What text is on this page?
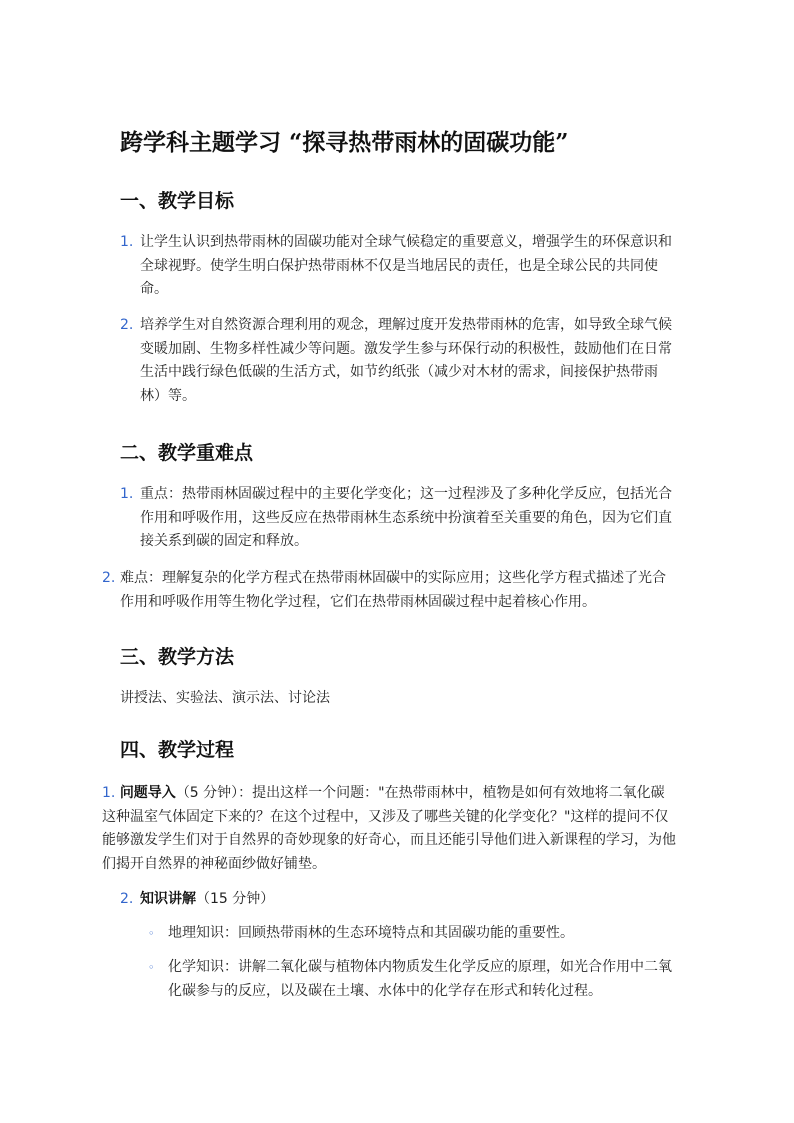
跨学科主题学习 “探寻热带雨林的固碳功能”
一、教学目标
1. 让学生认识到热带雨林的固碳功能对全球气候稳定的重要意义，增强学生的环保意识和全球视野。使学生明白保护热带雨林不仅是当地居民的责任，也是全球公民的共同使命。
2. 培养学生对自然资源合理利用的观念，理解过度开发热带雨林的危害，如导致全球气候变暖加剧、生物多样性减少等问题。激发学生参与环保行动的积极性，鼓励他们在日常生活中践行绿色低碳的生活方式，如节约纸张（减少对木材的需求，间接保护热带雨林）等。
二、教学重难点
1. 重点：热带雨林固碳过程中的主要化学变化；这一过程涉及了多种化学反应，包括光合作用和呼吸作用，这些反应在热带雨林生态系统中扮演着至关重要的角色，因为它们直接关系到碳的固定和释放。
2. 难点：理解复杂的化学方程式在热带雨林固碳中的实际应用；这些化学方程式描述了光合作用和呼吸作用等生物化学过程，它们在热带雨林固碳过程中起着核心作用。
三、教学方法
讲授法、实验法、演示法、讨论法
四、教学过程
1. 问题导入（5 分钟）：提出这样一个问题："在热带雨林中，植物是如何有效地将二氧化碳这种温室气体固定下来的？在这个过程中，又涉及了哪些关键的化学变化？"这样的提问不仅能够激发学生们对于自然界的奇妙现象的好奇心，而且还能引导他们进入新课程的学习，为他们揭开自然界的神秘面纱做好铺垫。
2. 知识讲解（15 分钟）
◦ 地理知识：回顾热带雨林的生态环境特点和其固碳功能的重要性。
◦ 化学知识：讲解二氧化碳与植物体内物质发生化学反应的原理，如光合作用中二氧化碳参与的反应，以及碳在土壤、水体中的化学存在形式和转化过程。
